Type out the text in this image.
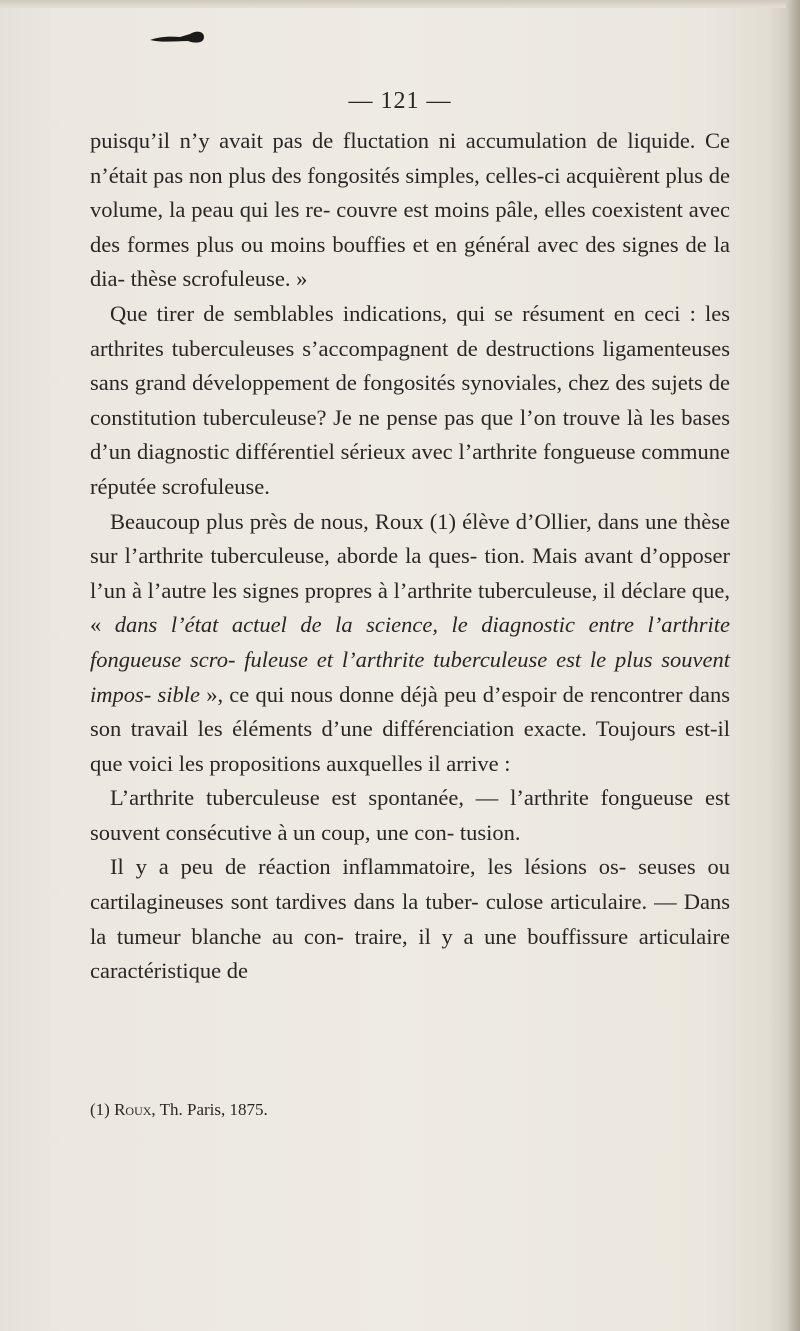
— 121 —

puisqu’il n’y avait pas de fluctation ni accumulation de liquide. Ce n’était pas non plus des fongosités simples, celles-ci acquièrent plus de volume, la peau qui les re- couvre est moins pâle, elles coexistent avec des formes plus ou moins bouffies et en général avec des signes de la dia- thèse scrofuleuse. »

Que tirer de semblables indications, qui se résument en ceci : les arthrites tuberculeuses s’accompagnent de destructions ligamenteuses sans grand développement de fongosités synoviales, chez des sujets de constitution tuberculeuse? Je ne pense pas que l’on trouve là les bases d’un diagnostic différentiel sérieux avec l’arthrite fongueuse commune réputée scrofuleuse.

Beaucoup plus près de nous, Roux (1) élève d’Ollier, dans une thèse sur l’arthrite tuberculeuse, aborde la ques- tion. Mais avant d’opposer l’un à l’autre les signes propres à l’arthrite tuberculeuse, il déclare que, « dans l’état actuel de la science, le diagnostic entre l’arthrite fongueuse scro- fuleuse et l’arthrite tuberculeuse est le plus souvent impos- sible », ce qui nous donne déjà peu d’espoir de rencontrer dans son travail les éléments d’une différenciation exacte. Toujours est-il que voici les propositions auxquelles il arrive :

L’arthrite tuberculeuse est spontanée, — l’arthrite fongueuse est souvent consécutive à un coup, une con- tusion.

Il y a peu de réaction inflammatoire, les lésions os- seuses ou cartilagineuses sont tardives dans la tuber- culose articulaire. — Dans la tumeur blanche au con- traire, il y a une bouffissure articulaire caractéristique de

(1) Roux, Th. Paris, 1875.
